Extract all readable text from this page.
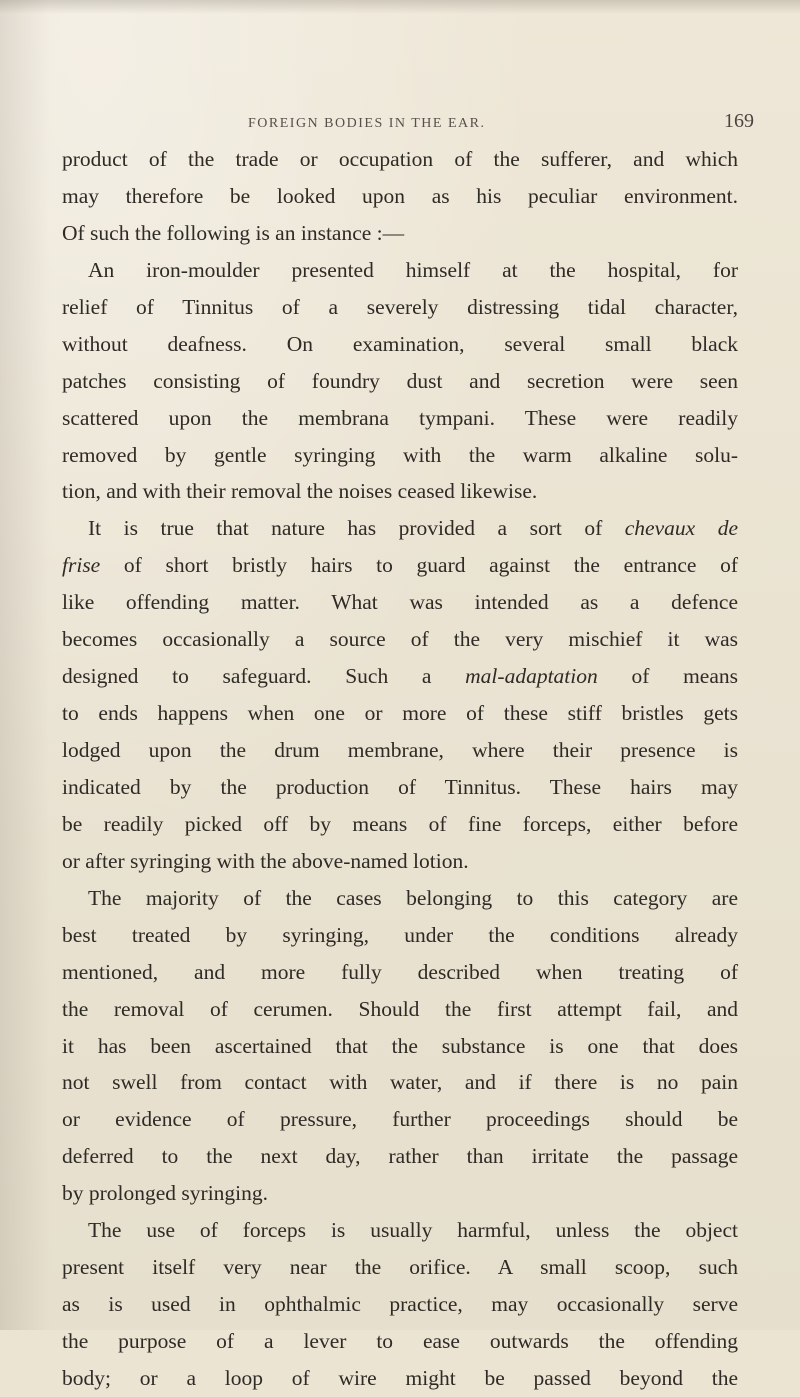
FOREIGN BODIES IN THE EAR.	169
product of the trade or occupation of the sufferer, and which
may therefore be looked upon as his peculiar environment.
Of such the following is an instance :—
An iron-moulder presented himself at the hospital, for
relief of Tinnitus of a severely distressing tidal character,
without deafness. On examination, several small black
patches consisting of foundry dust and secretion were seen
scattered upon the membrana tympani. These were readily
removed by gentle syringing with the warm alkaline solu-
tion, and with their removal the noises ceased likewise.
It is true that nature has provided a sort of chevaux de
frise of short bristly hairs to guard against the entrance of
like offending matter. What was intended as a defence
becomes occasionally a source of the very mischief it was
designed to safeguard. Such a mal-adaptation of means
to ends happens when one or more of these stiff bristles gets
lodged upon the drum membrane, where their presence is
indicated by the production of Tinnitus. These hairs may
be readily picked off by means of fine forceps, either before
or after syringing with the above-named lotion.
The majority of the cases belonging to this category are
best treated by syringing, under the conditions already
mentioned, and more fully described when treating of
the removal of cerumen. Should the first attempt fail, and
it has been ascertained that the substance is one that does
not swell from contact with water, and if there is no pain
or evidence of pressure, further proceedings should be
deferred to the next day, rather than irritate the passage
by prolonged syringing.
The use of forceps is usually harmful, unless the object
present itself very near the orifice. A small scoop, such
as is used in ophthalmic practice, may occasionally serve
the purpose of a lever to ease outwards the offending
body; or a loop of wire might be passed beyond the
